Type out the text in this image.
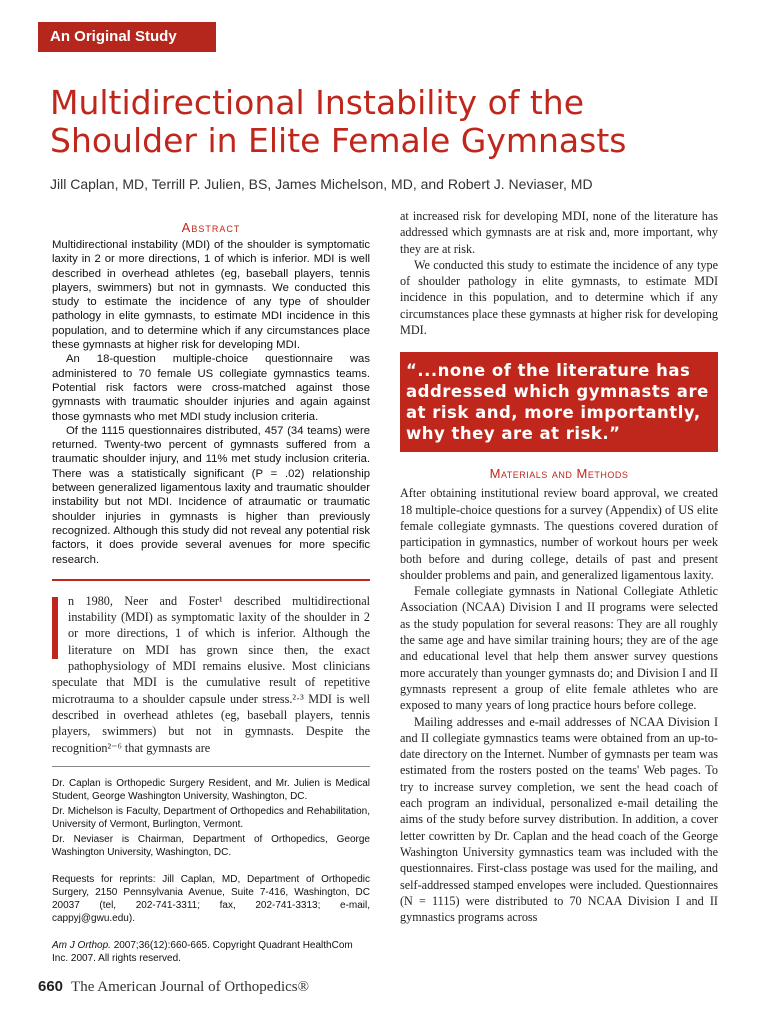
An Original Study
Multidirectional Instability of the Shoulder in Elite Female Gymnasts

Jill Caplan, MD, Terrill P. Julien, BS, James Michelson, MD, and Robert J. Neviaser, MD

Abstract

Multidirectional instability (MDI) of the shoulder is symptomatic laxity in 2 or more directions, 1 of which is inferior. MDI is well described in overhead athletes (eg, baseball players, tennis players, swimmers) but not in gymnasts. We conducted this study to estimate the incidence of any type of shoulder pathology in elite gymnasts, to estimate MDI incidence in this population, and to determine which if any circumstances place these gymnasts at higher risk for developing MDI.

An 18-question multiple-choice questionnaire was administered to 70 female US collegiate gymnastics teams. Potential risk factors were cross-matched against those gymnasts with traumatic shoulder injuries and again against those gymnasts who met MDI study inclusion criteria.

Of the 1115 questionnaires distributed, 457 (34 teams) were returned. Twenty-two percent of gymnasts suffered from a traumatic shoulder injury, and 11% met study inclusion criteria. There was a statistically significant (P = .02) relationship between generalized ligamentous laxity and traumatic shoulder instability but not MDI. Incidence of atraumatic or traumatic shoulder injuries in gymnasts is higher than previously recognized. Although this study did not reveal any potential risk factors, it does provide several avenues for more specific research.

n 1980, Neer and Foster¹ described multidirectional instability (MDI) as symptomatic laxity of the shoulder in 2 or more directions, 1 of which is inferior. Although the literature on MDI has grown since then, the exact pathophysiology of MDI remains elusive. Most clinicians speculate that MDI is the cumulative result of repetitive microtrauma to a shoulder capsule under stress.²·³ MDI is well described in overhead athletes (eg, baseball players, tennis players, swimmers) but not in gymnasts. Despite the recognition²⁻⁶ that gymnasts are

Dr. Caplan is Orthopedic Surgery Resident, and Mr. Julien is Medical Student, George Washington University, Washington, DC.

Dr. Michelson is Faculty, Department of Orthopedics and Rehabilitation, University of Vermont, Burlington, Vermont.

Dr. Neviaser is Chairman, Department of Orthopedics, George Washington University, Washington, DC.

Requests for reprints: Jill Caplan, MD, Department of Orthopedic Surgery, 2150 Pennsylvania Avenue, Suite 7-416, Washington, DC 20037 (tel, 202-741-3311; fax, 202-741-3313; e-mail, cappyj@gwu.edu).

Am J Orthop. 2007;36(12):660-665. Copyright Quadrant HealthCom Inc. 2007. All rights reserved.

at increased risk for developing MDI, none of the literature has addressed which gymnasts are at risk and, more important, why they are at risk.

We conducted this study to estimate the incidence of any type of shoulder pathology in elite gymnasts, to estimate MDI incidence in this population, and to determine which if any circumstances place these gymnasts at higher risk for developing MDI.

“...none of the literature has addressed which gymnasts are at risk and, more importantly, why they are at risk.”
Materials and Methods

After obtaining institutional review board approval, we created 18 multiple-choice questions for a survey (Appendix) of US elite female collegiate gymnasts. The questions covered duration of participation in gymnastics, number of workout hours per week both before and during college, details of past and present shoulder problems and pain, and generalized ligamentous laxity.

Female collegiate gymnasts in National Collegiate Athletic Association (NCAA) Division I and II programs were selected as the study population for several reasons: They are all roughly the same age and have similar training hours; they are of the age and educational level that help them answer survey questions more accurately than younger gymnasts do; and Division I and II gymnasts represent a group of elite female athletes who are exposed to many years of long practice hours before college.

Mailing addresses and e-mail addresses of NCAA Division I and II collegiate gymnastics teams were obtained from an up-to-date directory on the Internet. Number of gymnasts per team was estimated from the rosters posted on the teams' Web pages. To try to increase survey completion, we sent the head coach of each program an individual, personalized e-mail detailing the aims of the study before survey distribution. In addition, a cover letter cowritten by Dr. Caplan and the head coach of the George Washington University gymnastics team was included with the questionnaires. First-class postage was used for the mailing, and self-addressed stamped envelopes were included. Questionnaires (N = 1115) were distributed to 70 NCAA Division I and II gymnastics programs across

660 The American Journal of Orthopedics®
